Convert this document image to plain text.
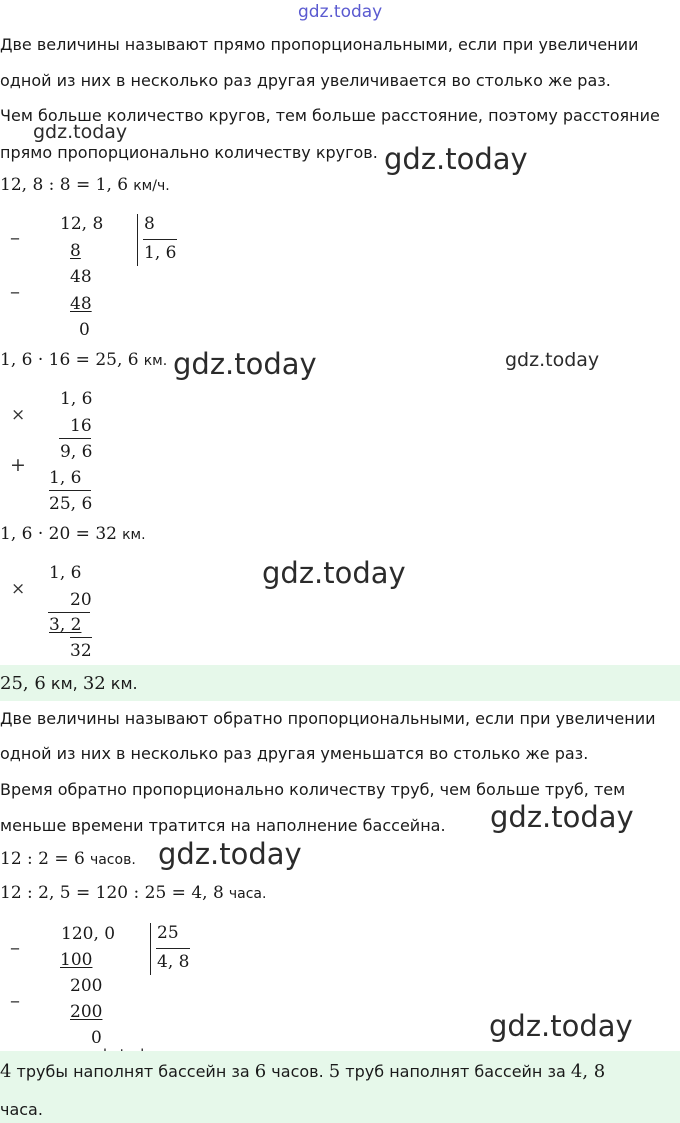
gdz.today
gdz.today
gdz.today
gdz.today	gdz.today
gdz.today
gdz.today
gdz.today
gdz.today
Две величины называют прямо пропорциональными, если при увеличении
одной из них в несколько раз другая увеличивается во столько же раз.
Чем больше количество кругов, тем больше расстояние, поэтому расстояние
прямо пропорционально количеству кругов.
12, 8 : 8 = 1, 6 км/ч.
–
12, 8
8
8
1, 6
–
48
48
0
1, 6 · 16 = 25, 6 км.
×
1, 6
16
9, 6
+
1, 6
25, 6
1, 6 · 20 = 32 км.
×
1, 6
20
3, 2
32
25, 6 км, 32 км.
Две величины называют обратно пропорциональными, если при увеличении
одной из них в несколько раз другая уменьшатся во столько же раз.
Время обратно пропорционально количеству труб, чем больше труб, тем
меньше времени тратится на наполнение бассейна.
12 : 2 = 6 часов.
12 : 2, 5 = 120 : 25 = 4, 8 часа.
–
120, 0
100
25
4, 8
–
200
200
0
4 трубы наполнят бассейн за 6 часов. 5 труб наполнят бассейн за 4, 8
часа.
